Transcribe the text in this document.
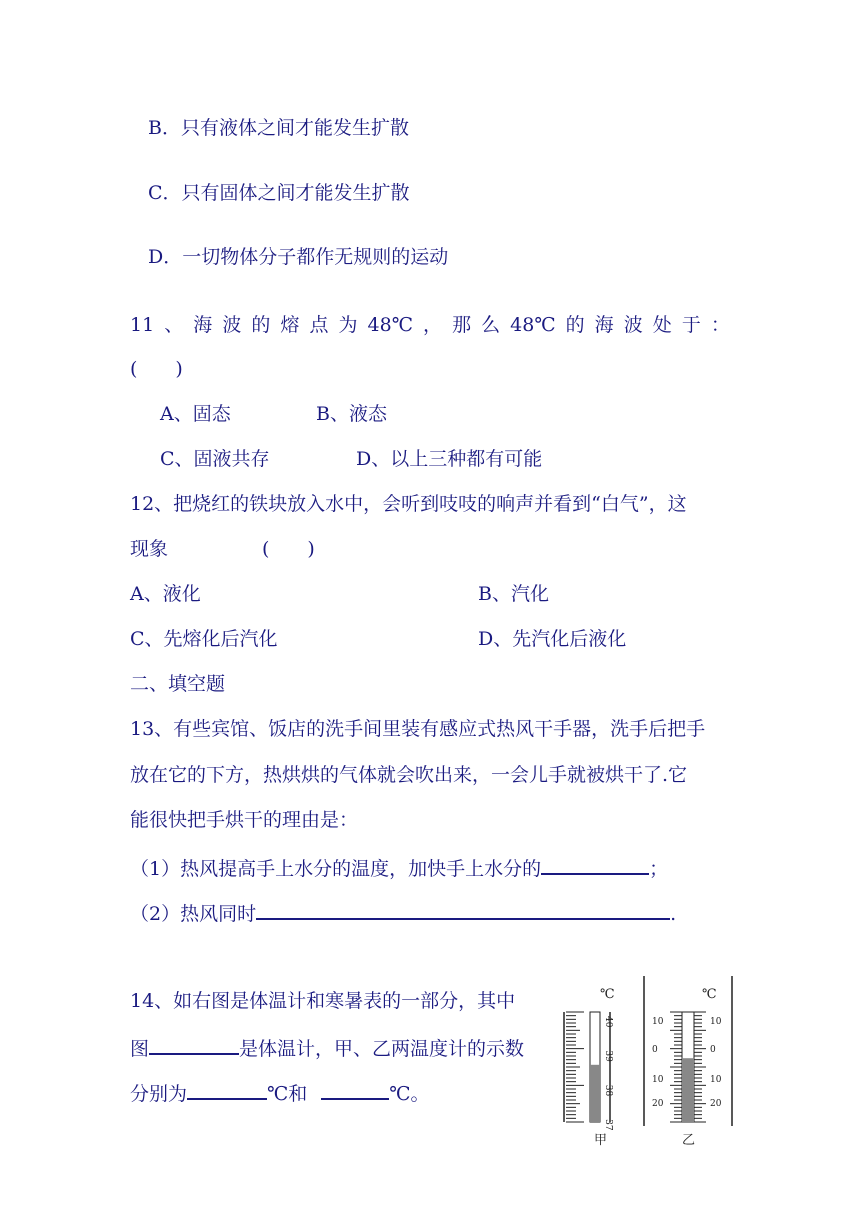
B．只有液体之间才能发生扩散
C．只有固体之间才能发生扩散
D．一切物体分子都作无规则的运动
11 、 海 波 的 熔 点 为 48℃ ， 那 么 48℃ 的 海 波 处 于 ：
(　　)
A、固态	B、液态
C、固液共存	D、以上三种都有可能
12、把烧红的铁块放入水中，会听到吱吱的响声并看到“白气”，这
现象	(　　)
A、液化	B、汽化
C、先熔化后汽化	D、先汽化后液化
二、填空题
13、有些宾馆、饭店的洗手间里装有感应式热风干手器，洗手后把手
放在它的下方，热烘烘的气体就会吹出来，一会儿手就被烘干了.它
能很快把手烘干的理由是：
（1）热风提高手上水分的温度，加快手上水分的	；
（2）热风同时	.
14、如右图是体温计和寒暑表的一部分，其中
图	是体温计，甲、乙两温度计的示数
分别为	℃和	℃。
℃
40
39
38
37
甲
℃
10
0
10
20
10
0
10
20
乙
